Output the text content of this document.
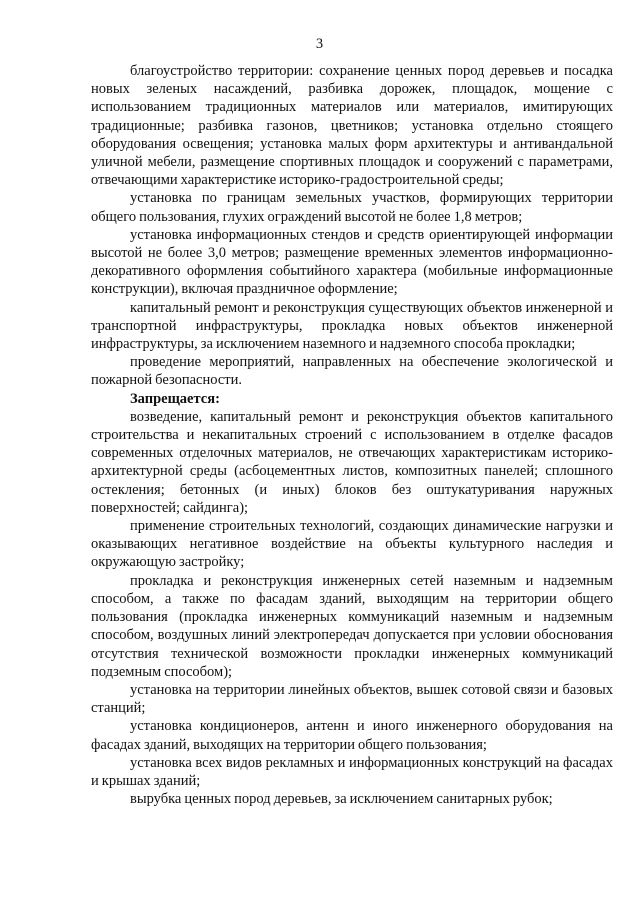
3

благоустройство территории: сохранение ценных пород деревьев и посадка новых зеленых насаждений, разбивка дорожек, площадок, мощение с использованием традиционных материалов или материалов, имитирующих традиционные; разбивка газонов, цветников; установка отдельно стоящего оборудования освещения; установка малых форм архитектуры и антивандальной уличной мебели, размещение спортивных площадок и сооружений с параметрами, отвечающими характеристике историко-градостроительной среды;

установка по границам земельных участков, формирующих территории общего пользования, глухих ограждений высотой не более 1,8 метров;

установка информационных стендов и средств ориентирующей информации высотой не более 3,0 метров; размещение временных элементов информационно- декоративного оформления событийного характера (мобильные информационные конструкции), включая праздничное оформление;

капитальный ремонт и реконструкция существующих объектов инженерной и транспортной инфраструктуры, прокладка новых объектов инженерной инфраструктуры, за исключением наземного и надземного способа прокладки;

проведение мероприятий, направленных на обеспечение экологической и пожарной безопасности.

Запрещается:

возведение, капитальный ремонт и реконструкция объектов капитального строительства и некапитальных строений с использованием в отделке фасадов современных отделочных материалов, не отвечающих характеристикам историко- архитектурной среды (асбоцементных листов, композитных панелей; сплошного остекления; бетонных (и иных) блоков без оштукатуривания наружных поверхностей; сайдинга);

применение строительных технологий, создающих динамические нагрузки и оказывающих негативное воздействие на объекты культурного наследия и окружающую застройку;

прокладка и реконструкция инженерных сетей наземным и надземным способом, а также по фасадам зданий, выходящим на территории общего пользования (прокладка инженерных коммуникаций наземным и надземным способом, воздушных линий электропередач допускается при условии обоснования отсутствия технической возможности прокладки инженерных коммуникаций подземным способом);

установка на территории линейных объектов, вышек сотовой связи и базовых станций;

установка кондиционеров, антенн и иного инженерного оборудования на фасадах зданий, выходящих на территории общего пользования;

установка всех видов рекламных и информационных конструкций на фасадах и крышах зданий;

вырубка ценных пород деревьев, за исключением санитарных рубок;
